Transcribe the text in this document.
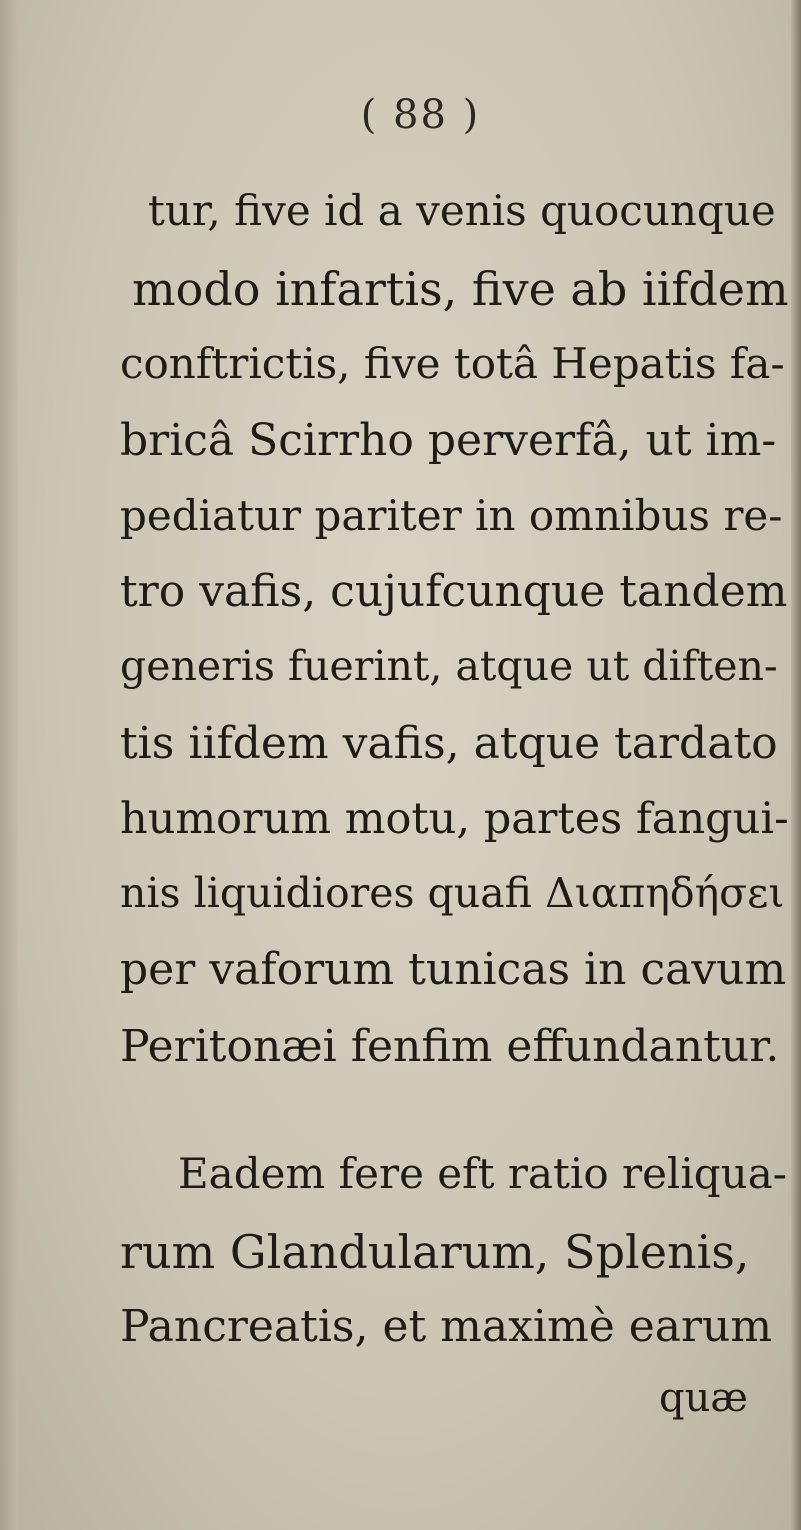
( 88 )
tur, five id a venis quocunque
modo infartis, five ab iifdem
conftrictis, five totâ Hepatis fa-
bricâ Scirrho perverfâ, ut im-
pediatur pariter in omnibus re-
tro vafis, cujufcunque tandem
generis fuerint, atque ut diften-
tis iifdem vafis, atque tardato
humorum motu, partes fangui-
nis liquidiores quafi Διαπηδήσει
per vaforum tunicas in cavum
Peritonæi fenfim effundantur.
Eadem fere eft ratio reliqua-
rum Glandularum, Splenis,
Pancreatis, et maximè earum
quæ
